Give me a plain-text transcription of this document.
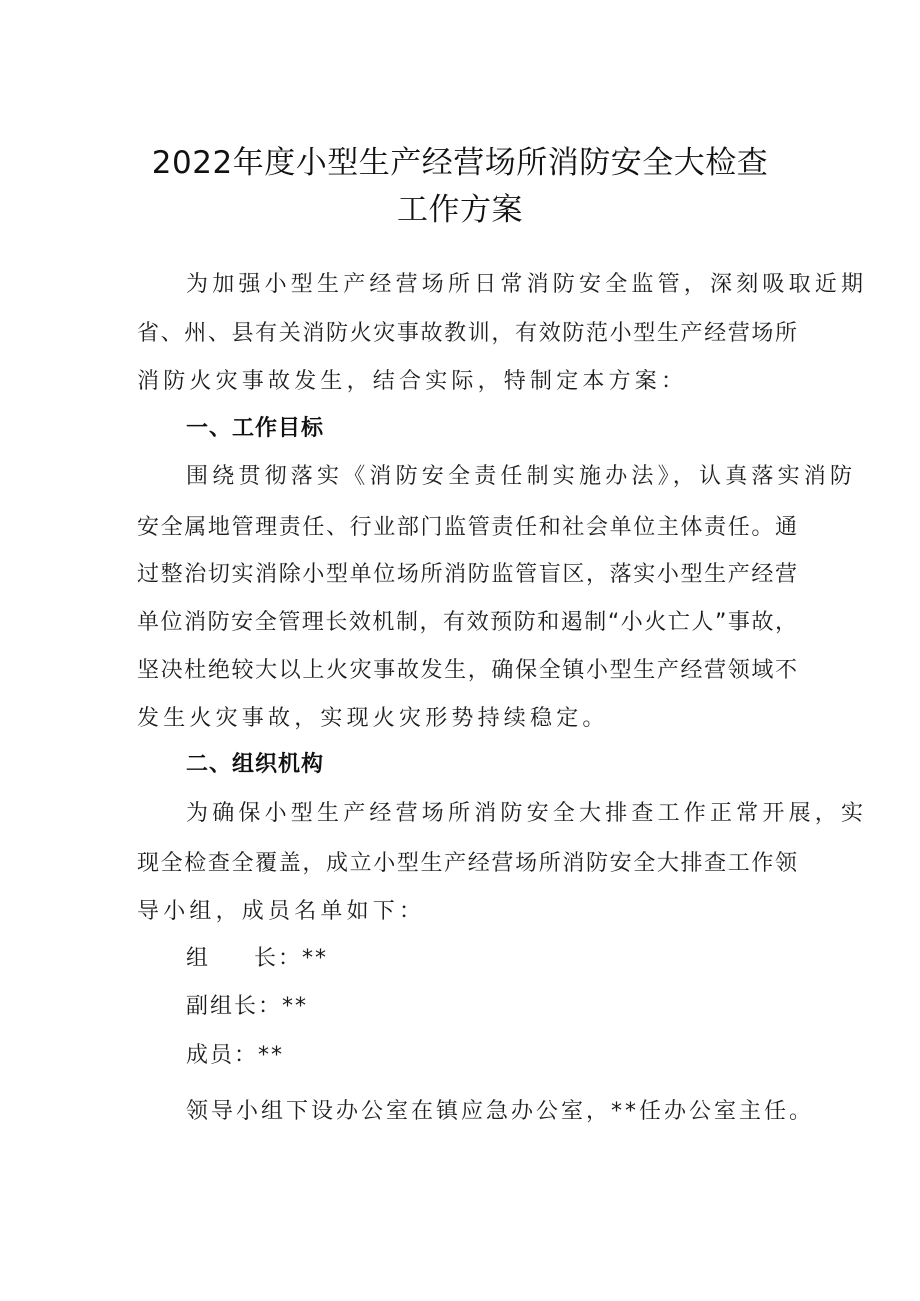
2022年度小型生产经营场所消防安全大检查
工作方案
为加强小型生产经营场所日常消防安全监管，深刻吸取近期
省、州、县有关消防火灾事故教训，有效防范小型生产经营场所
消防火灾事故发生，结合实际，特制定本方案：
一、工作目标
围绕贯彻落实《消防安全责任制实施办法》，认真落实消防
安全属地管理责任、行业部门监管责任和社会单位主体责任。通
过整治切实消除小型单位场所消防监管盲区，落实小型生产经营
单位消防安全管理长效机制，有效预防和遏制“小火亡人”事故，
坚决杜绝较大以上火灾事故发生，确保全镇小型生产经营领域不
发生火灾事故，实现火灾形势持续稳定。
二、组织机构
为确保小型生产经营场所消防安全大排查工作正常开展，实
现全检查全覆盖，成立小型生产经营场所消防安全大排查工作领
导小组，成员名单如下：
组 长：**
副组长：**
成员：**
领导小组下设办公室在镇应急办公室，**任办公室主任。
